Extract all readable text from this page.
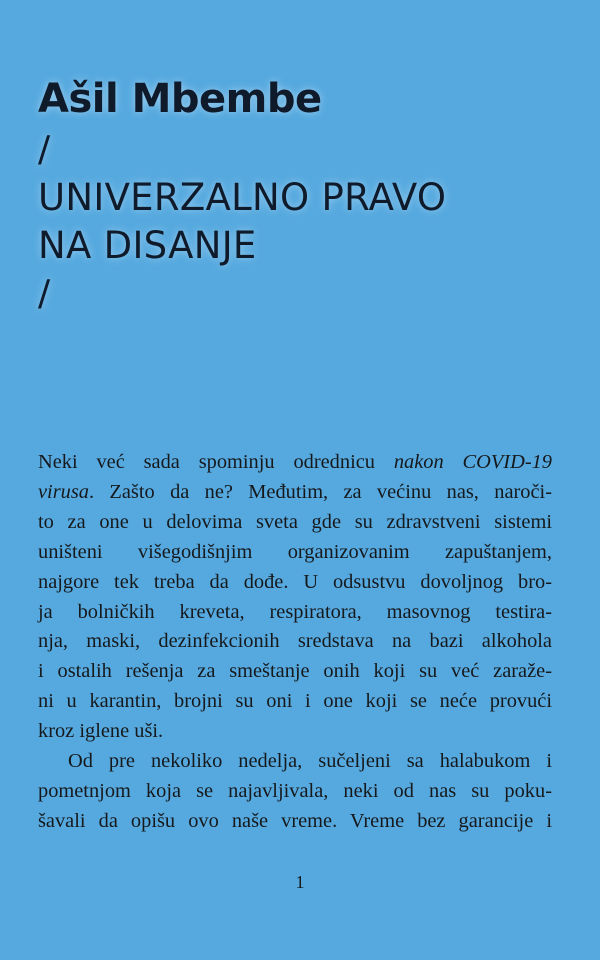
Ašil Mbembe
/
UNIVERZALNO PRAVO
NA DISANJE
/

Neki već sada spominju odrednicu nakon COVID-19
virusa. Zašto da ne? Međutim, za većinu nas, naroči-
to za one u delovima sveta gde su zdravstveni sistemi
uništeni višegodišnjim organizovanim zapuštanjem,
najgore tek treba da dođe. U odsustvu dovoljnog bro-
ja bolničkih kreveta, respiratora, masovnog testira-
nja, maski, dezinfekcionih sredstava na bazi alkohola
i ostalih rešenja za smeštanje onih koji su već zaraže-
ni u karantin, brojni su oni i one koji se neće provući
kroz iglene uši.

Od pre nekoliko nedelja, sučeljeni sa halabukom i
pometnjom koja se najavljivala, neki od nas su poku-
šavali da opišu ovo naše vreme. Vreme bez garancije i

1
